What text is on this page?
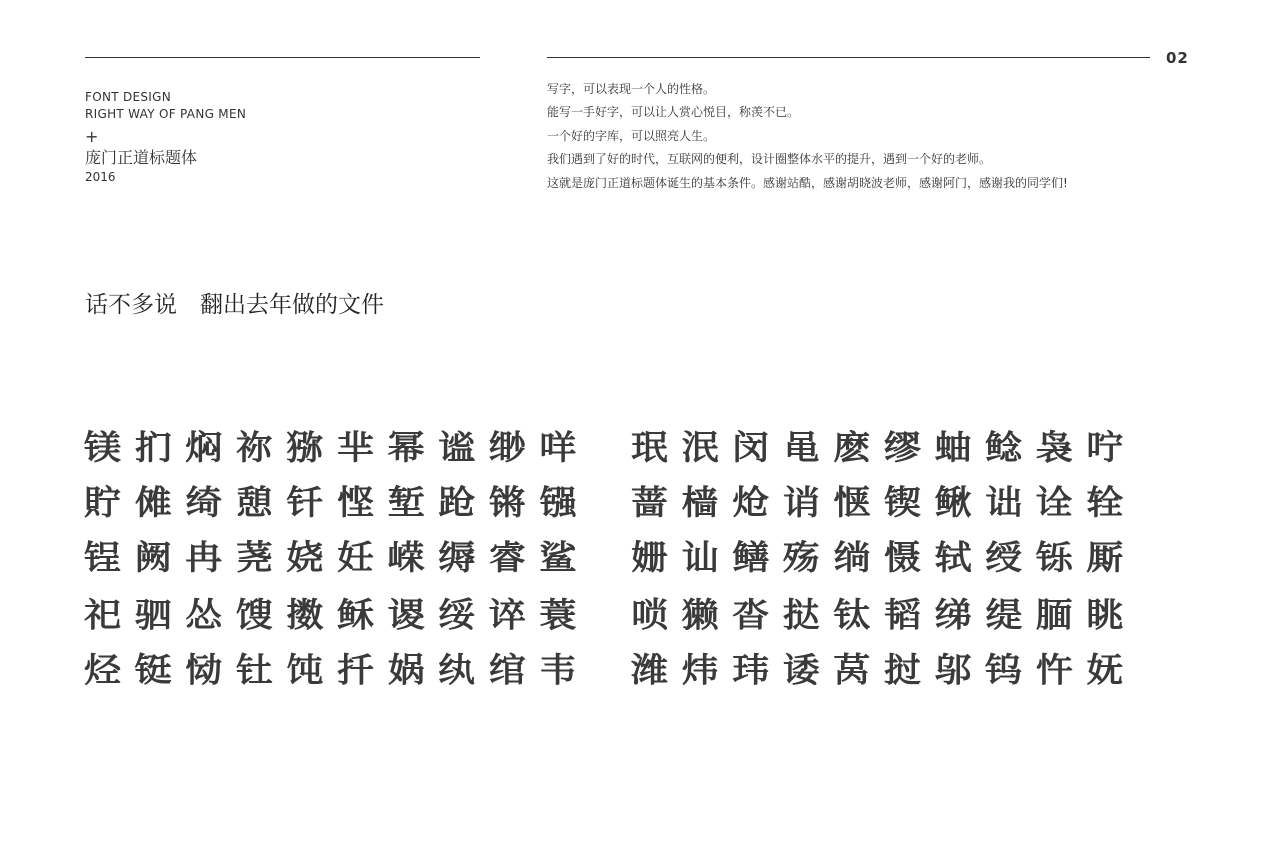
02
FONT DESIGN
RIGHT WAY OF PANG MEN
+
庞门正道标题体
2016
写字，可以表现一个人的性格。
能写一手好字，可以让人赏心悦目，称羡不已。
一个好的字库，可以照亮人生。
我们遇到了好的时代，互联网的便利，设计圈整体水平的提升，遇到一个好的老师。
这就是庞门正道标题体诞生的基本条件。感谢站酷，感谢胡晓波老师，感谢阿门，感谢我的同学们!
话不多说　翻出去年做的文件
镁 扪 焖 祢 猕 芈 幂 谧 缈 咩
貯 傩 绮 憩 钎 悭 堑 跄 锵 镪
锃 阙 冉 荛 娆 妊 嵘 缛 睿 鲨
祀 驷 怂 馊 擞 稣 谡 绥 谇 蓑
烃 铤 恸 钍 饨 扦 娲 纨 绾 韦
珉 泯 闵 黾 麽 缪 蚰 鲶 袅 咛
蔷 樯 炝 诮 惬 锲 鳅 诎 诠 辁
姗 讪 鳝 殇 绱 慑 轼 绶 铄 厮
唢 獭 沓 挞 钛 韬 绨 缇 腼 眺
潍 炜 玮 诿 莴 挝 邬 钨 忤 妩
